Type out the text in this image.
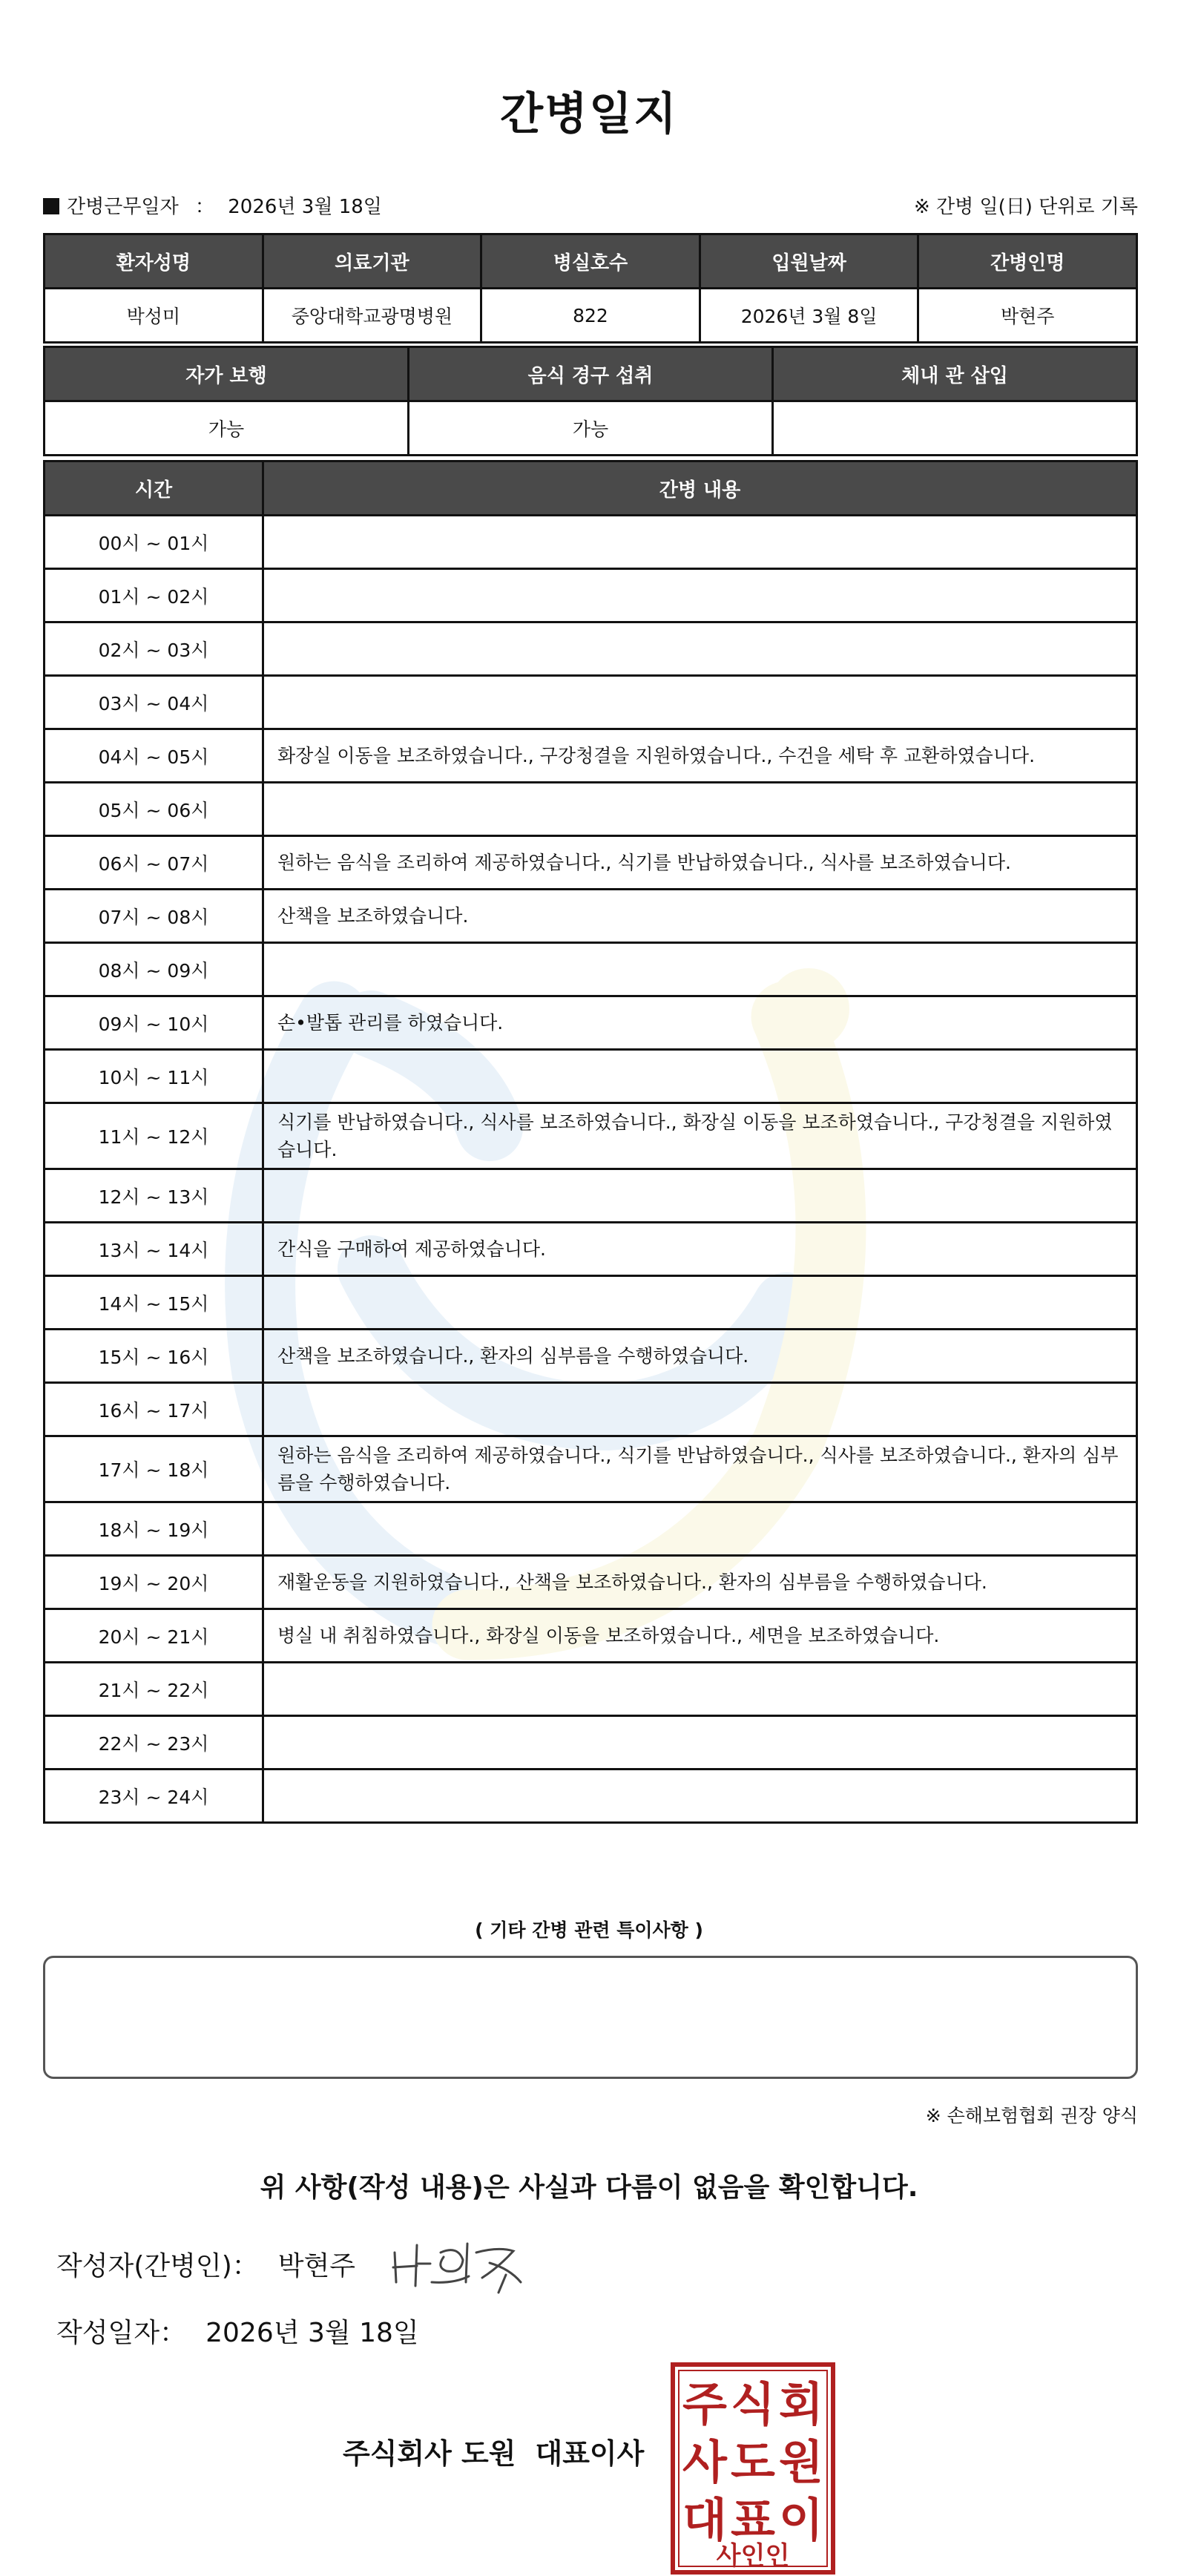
간병일지
간병근무일자 ： 2026년 3월 18일	※ 간병 일(日) 단위로 기록
환자성명	의료기관	병실호수	입원날짜	간병인명
박성미	중앙대학교광명병원	822	2026년 3월 8일	박현주
자가 보행	음식 경구 섭취	체내 관 삽입
가능	가능	
시간	간병 내용
00시 ~ 01시	
01시 ~ 02시	
02시 ~ 03시	
03시 ~ 04시	
04시 ~ 05시	화장실 이동을 보조하였습니다., 구강청결을 지원하였습니다., 수건을 세탁 후 교환하였습니다.
05시 ~ 06시	
06시 ~ 07시	원하는 음식을 조리하여 제공하였습니다., 식기를 반납하였습니다., 식사를 보조하였습니다.
07시 ~ 08시	산책을 보조하였습니다.
08시 ~ 09시	
09시 ~ 10시	손•발톱 관리를 하였습니다.
10시 ~ 11시	
11시 ~ 12시	식기를 반납하였습니다., 식사를 보조하였습니다., 화장실 이동을 보조하였습니다., 구강청결을 지원하였습니다.
12시 ~ 13시	
13시 ~ 14시	간식을 구매하여 제공하였습니다.
14시 ~ 15시	
15시 ~ 16시	산책을 보조하였습니다., 환자의 심부름을 수행하였습니다.
16시 ~ 17시	
17시 ~ 18시	원하는 음식을 조리하여 제공하였습니다., 식기를 반납하였습니다., 식사를 보조하였습니다., 환자의 심부름을 수행하였습니다.
18시 ~ 19시	
19시 ~ 20시	재활운동을 지원하였습니다., 산책을 보조하였습니다., 환자의 심부름을 수행하였습니다.
20시 ~ 21시	병실 내 취침하였습니다., 화장실 이동을 보조하였습니다., 세면을 보조하였습니다.
21시 ~ 22시	
22시 ~ 23시	
23시 ~ 24시	
( 기타 간병 관련 특이사항 )
※ 손해보험협회 권장 양식
위 사항(작성 내용)은 사실과 다름이 없음을 확인합니다.
작성자(간병인)： 박현주
작성일자： 2026년 3월 18일
주식회사 도원 대표이사
주 식 회
사 도 원
대 표 이
사 인 인
